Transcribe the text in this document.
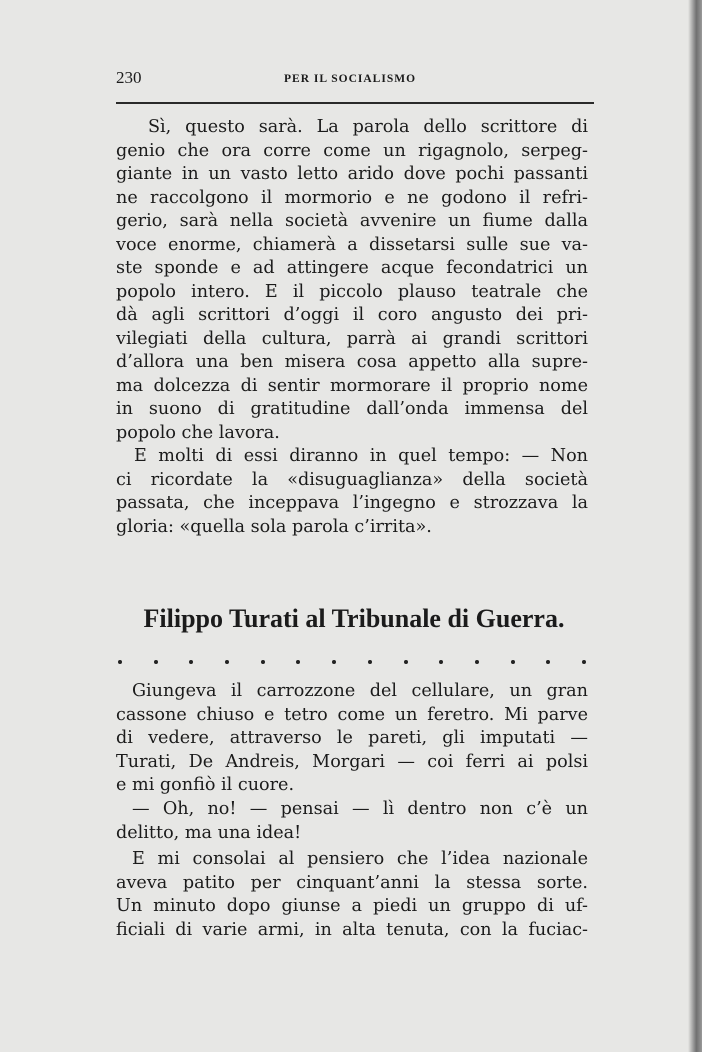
230	PER IL SOCIALISMO
Sì, questo sarà. La parola dello scrittore di
genio che ora corre come un rigagnolo, serpeg-
giante in un vasto letto arido dove pochi passanti
ne raccolgono il mormorio e ne godono il refri-
gerio, sarà nella società avvenire un fiume dalla
voce enorme, chiamerà a dissetarsi sulle sue va-
ste sponde e ad attingere acque fecondatrici un
popolo intero. E il piccolo plauso teatrale che
dà agli scrittori d’oggi il coro angusto dei pri-
vilegiati della cultura, parrà ai grandi scrittori
d’allora una ben misera cosa appetto alla supre-
ma dolcezza di sentir mormorare il proprio nome
in suono di gratitudine dall’onda immensa del
popolo che lavora.
E molti di essi diranno in quel tempo: — Non
ci ricordate la «disuguaglianza» della società
passata, che inceppava l’ingegno e strozzava la
gloria: «quella sola parola c’irrita».
Filippo Turati al Tribunale di Guerra.
Giungeva il carrozzone del cellulare, un gran
cassone chiuso e tetro come un feretro. Mi parve
di vedere, attraverso le pareti, gli imputati —
Turati, De Andreis, Morgari — coi ferri ai polsi
e mi gonfiò il cuore.
— Oh, no! — pensai — lì dentro non c’è un
delitto, ma una idea!
E mi consolai al pensiero che l’idea nazionale
aveva patito per cinquant’anni la stessa sorte.
Un minuto dopo giunse a piedi un gruppo di uf-
ficiali di varie armi, in alta tenuta, con la fuciac-
